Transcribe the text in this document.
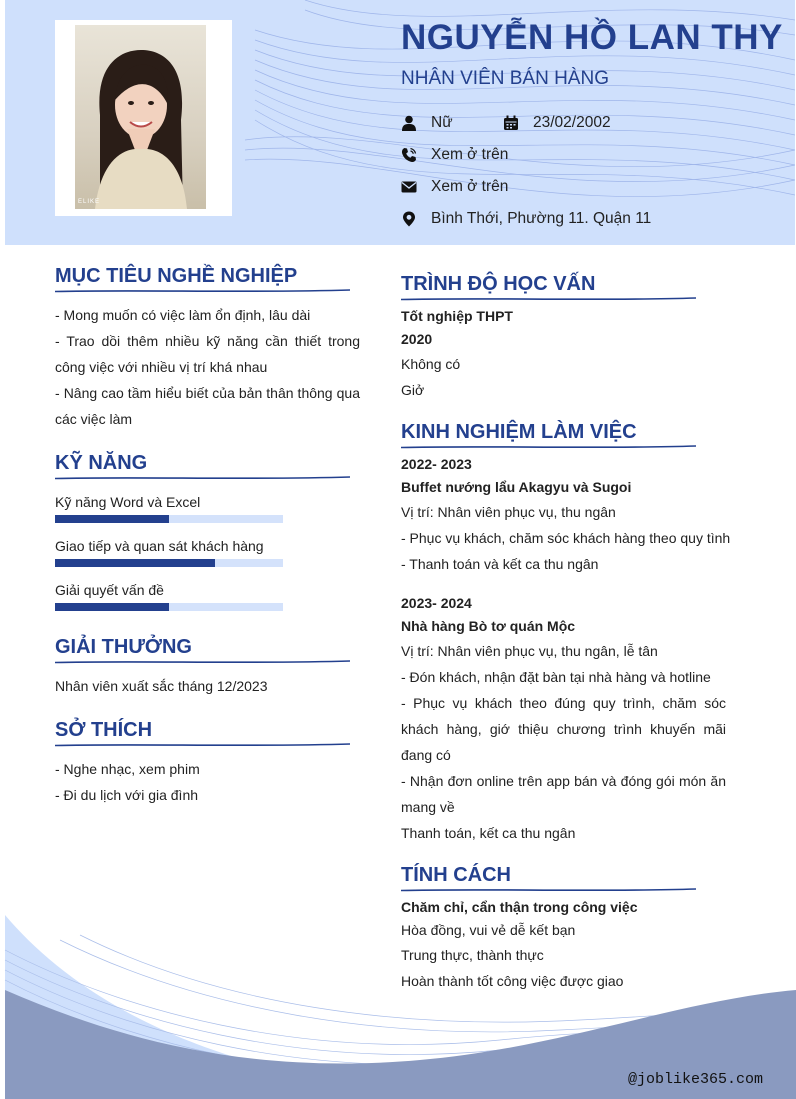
ELIKE
NGUYỄN HỒ LAN THY
NHÂN VIÊN BÁN HÀNG
Nữ	23/02/2002
Xem ở trên
Xem ở trên
Bình Thới, Phường 11. Quận 11
MỤC TIÊU NGHỀ NGHIỆP
- Mong muốn có việc làm ổn định, lâu dài
- Trao dồi thêm nhiều kỹ năng cần thiết trong công việc với nhiều vị trí khá nhau
- Nâng cao tầm hiểu biết của bản thân thông qua các việc làm
KỸ NĂNG
Kỹ năng Word và Excel
Giao tiếp và quan sát khách hàng
Giải quyết vấn đề
GIẢI THƯỞNG
Nhân viên xuất sắc tháng 12/2023
SỞ THÍCH
- Nghe nhạc, xem phim
- Đi du lịch với gia đình
TRÌNH ĐỘ HỌC VẤN
Tốt nghiệp THPT
2020
Không có
Giở
KINH NGHIỆM LÀM VIỆC
2022- 2023
Buffet nướng lẩu Akagyu và Sugoi
Vị trí: Nhân viên phục vụ, thu ngân
- Phục vụ khách, chăm sóc khách hàng theo quy tình
- Thanh toán và kết ca thu ngân
2023- 2024
Nhà hàng Bò tơ quán Mộc
Vị trí: Nhân viên phục vụ, thu ngân, lễ tân
- Đón khách, nhận đặt bàn tại nhà hàng và hotline
- Phục vụ khách theo đúng quy trình, chăm sóc khách hàng, giớ thiệu chương trình khuyến mãi đang có
- Nhận đơn online trên app bán và đóng gói món ăn mang về
Thanh toán, kết ca thu ngân
TÍNH CÁCH
Chăm chỉ, cẩn thận trong công việc
Hòa đồng, vui vẻ dễ kết bạn
Trung thực, thành thực
Hoàn thành tốt công việc được giao
@joblike365.com
